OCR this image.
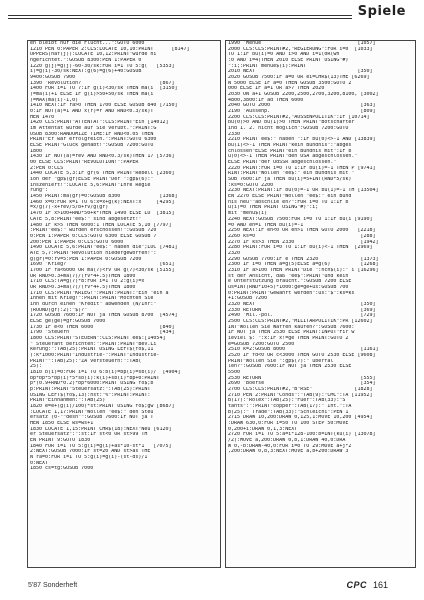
Spiele
en bleibt nur die Flucht...":GOTO 6000
1210 PEN 0:PAPER 2:CLS:LOCATE 10,10:PRINT      [8147]
UPPERS(haf(j)):LOCATE 10,12:PRINT"wurde hi
ngerichtet.":GOSUB 8300:PEN 1:PAPER 0
1220 g(j)=g(j)-60-30/sk:FOR i=1 TO 5:g(   [5353]
i)=g(i)-30/sk:NEXT:g(6)=g(6)+40:GOSUB
9400:GOSUB 7900
1390 'Revolution?                          [867]
1400 FOR i=1 TO 7:IF g(i)<30/sk THEN ma(i  [3150]
)=ma(i)+1 ELSE IF g(i)>50+50/sk THEN ma(i
)=MAX(ma(i)-1,0)
1410 NEXT:IF ra>0 THEN 1700 ELSE GOSUB 840 [7150]
0:IF NOT(a)=1 AND x(r)=r AND RND<0.3/sk)T
HEN 1470
1420 CLS:PRINT"ATTENTAT":CLS:PRINT"Ein [14012]
im Attentat wurde auf Sie verübt.":PRINT:G
OSUB 8300:RANDOMIZE TIME:IF RND<0.05 THEN
PRINT"Er war erfolgreich.":PRINT:GOTO 6300
ELSE PRINT"Glück gehabt!":GOSUB 7200:GOTO
1800
1430 IF NOT(a)=rev AND RND<0.3/sk)THEN 17 [5736]
00 ELSE CLS:PRINT"REVOLUTION!":PAPER
2:PEN 0:CLS
1440 LOCATE 5,3:IF gr(6 THEN PRINT"Rebell [2360]
ion der "gp$(gr)ELSE PRINT"Der ":gp$(6):"
inszeniert!":LOCATE 5,6:PRINT"Ihre Regie
rung":
1450 PRINT:ma(gr)=0:GOSUB 8300             [1368]
1460 x=0:FOR k=1 TO 6:x=x+g(k):NEXT:x     [4295]
=x/g(7)-x+rev/5/b+rv/g(gr)
1470 IF x>100+RND*50+k*THEN 1490 ELSE LO  [3815]
CATE 5,8:PRINT"ee$:" sind abgesetzt!"
1480 IF k>5 THEN 6000:1 THEN LOCATE 5,10 [7797]
:PRINT"ee$:" wurden erschossen!":GOSUB 720
0:PEN 1:PAPER 0:CLS:GOTO 6300 ELSE GOSUB 7
200:PEN 1:PAPER 0:CLS:GOTO 6000
1490 LOCATE 5,6:PRINT"ee$:" haben die";LOC [7481]
ATE 5,7:PRINT"Revolution niedergeworfen!":
g(gr)=0:rv=5:PEN 1:PAPER 0:GOSUB 7200
1690 'Krieg?                               [651]
1700 IF ra<6000 OR ma(7)<rv OR g(7)<30/sk [5155]
OR RND>0.3+ma(7)/(rv*4+.5)THEN 1800
1710 CLS:TA=g(7)*8:FOR i=1 TO 2:g(i)=x
OR RND>0.3+ma(7)/(rv*4+.5)THEN 1800
1710 CLS:PRINT"KRIEG!":PRINT:PRINT:"Ein "ein a
Ihnen mit Krieg!":PRINT:PRINT"Möchten Sie
ihn durch einen "Kredit" abwenden (N/Ihr:"
(ROUND(gr):2):"$)?"
1720 GOSUB 7600:IF NOT ja THEN GOSUB 8700  [4574]
ELSE ge(ge)=gr:GOSUB 7000
1730 IF e<0 THEN 6000                      [840]
1790 'Steuern                              [434]
1800 CLS:PRINT"STEUERN":CLS:PRINT ee$:[14054]
" Steuerant berichten:":PRINT:PRINT"Bev.Li
kerung:":TAB(25):PRINT USING LEFT$(fo$,11
):k*1000:PRINT"Industrie-":PRINT"Industrie-
PRINT"":TAB(25):"ZA versteuern:":TAB(
25):
1810 b(i)=0:FOR i=1 TO 6:b(i)=bp(i)=sb(i)/  [4904]
bp*bp*5*bp(i)*5*sb(i):k(i)+sb(i)*bp+0:PRINT
p*(0.9+RND*0.2)*bp*6000:PRINT USING fo$;b
p:PRINT:PRINT"Steuersatz:":TAB(25):PRINT
USING LEFT$(fo$,13):nst:"%":PRINT:PRINT:
PRINT"Einnahmen:":TAB(25)
1820 e=e+(g(i)/100)*st:PRINT USING fo$;gw [8687]
:LOCATE 1,17:PRINT"Wollen "ee$:" den Steu
ersatz (0-""desn"":GOSUB 7600:IF NOT ja T
HEN 1850 ELSE ws=ws+1
1830 LOCATE 1,15:PRINT CHR$(18):NEXT"Neu [6120]
er Steuersatz":":st:IF st<0 OR st>99 TH
EN PRINT 9:GOTO 1830
1840 FOR i=1 TO 5:g(i)=g(i)+as*10-st*1   [7075]
2:NEXT:GOSUB 7000:IF st=20 AND st>as THE
N ra=0:FOR i=1 TO 5:g(i)=g(i)-(st-ds)/1
0:NEXT
1850 cs=tg:GOSUB 7000
1990 'Menue                                [1057]
2000 CLS:CLS:PRINT#2,"REGIERUNG":FOR i=0  [1033]
TO 1:IF bu(i)=0 AND i>0 AND i=1(0R(wh
:0 AND i=4)THEN 2010 ELSE PRINT USING"#)
":i;:PRINT menue$(i):PRINT
2010 NEXT                                  [350]
2020 GOSUB 7500:IF a=0 OR ei=CHR$(13)THE [6269]
N 5000 ELSE IF a=0 THEN GOSUB 3500:GOTO 2
000 ELSE IF a=1 OR a>7 THEN 2020
2030 ON a+1 GOSUB 2200,2500,2700,3200,8100, [3002]
4800,3800:IF ad THEN 6000
2040 GOTO 2000                              [363]
2190 'Aussenp.                              [809]
2200 CLS:CLS:PRINT#2,"AUSSENPOLITIK":IF [10714]
bu(0)>0 AND bu(1)>0 THEN PRINT"Botschafter
ind 1. 2. nicht möglich":GOSUB 7200:GOTO
2330
2210 PRINT ee$:" haben ":IF bu(0)<>-1 AND [13839]
bu(1)<>-1 THEN PRINT"kein Bündnis":"abges
chlossen"ELSE PRINT"ein Bündnis mit":IF b
u(0)<>-1 THEN PRINT"den USA abgeschlossen."
ELSE PRINT"der UdSSR abgeschlossen."
2220 PRINT:FOR i=0 TO 1:IF bu(i)=-1 THEN P [9741]
RINT:PRINT"Wollen "ee$:" ein Bündnis mit "
SUB 7600:IF ja THEN bu(i)=5+INT(RND*5/sk)
:ks=0:GOTO 2200
2230 NEXT:PRINT:IF bu(0)=-1 OR bu(1)=-1 TH [13504]
EN 2270 ELSE PRINT"Wollen "ee$:" ein Bünd
nis neu""abschlie en?":FOR i=0 TO 1:IF b
u(i)=0 THEN PRINT USING"#)":i;
mit "menu$(i)
2240 NEXT:GOSUB 7500:FOR i=0 TO 1:IF bu(i [9190]
=0 AND en=1 THEN bu(i)=-1
2250 NEXT:IF en<0 OR en>1 THEN GOTO 2000   [2218]
2260 ks=0                                   [288]
2270 IF ks>3 THEN 2330                      [1942]
2280 PRINT:FOR i=0 TO 1:IF bu(i)<-1 THEN  [2969]
2320
2290 GOSUB 7700:IF e THEN 2320              [1373]
2300 IF i=0 THEN a=g(5)ELSE a=g(6)          [1268]
2310 IF a>100 THEN PRINT"Die ":nch$(i):" i [16296]
st der Ansicht, daß "ee$":PRINT"und kein
e Unterstützung braucht.":GOSUB 7200 ELSE
us=INT(RND*10+5)*1000:ge=ge+us:GOSUB 700
0:PRINT:PRINT"Gewährt werden":us:"$":ks=ks
+1:GOSUB 7200
2320 NEXT                                   [350]
2330 RETURN                                 [369]
2490 'Mil.-pol.                             [729]
2500 CLS:CLS:PRINT#2,"MILITÄRPOLITIK":PR [12602]
INT"Wollen Sie Waffen kaufen?":GOSUB 7600:
IF NOT ja THEN 2530 ELSE PRINT:INPUT"Fir w
ieviel $: ":x:IF x!=ge THEN PRINT:GOTO 2
e=GOSUB 7200:GOTO 2500
2510 k=2:GOSUB 8000                         [1161]
2520 IF fd<0 OR c<3000 THEN GOTO 2530 ELSE [9608]
PRINT"Wollen Sie ":gp$(7):" überfal
len?":GOSUB 7600:IF NOT ja THEN 2530 ELSE
5500
2530 RETURN                                 [555]
2690 'Boerse                                [354]
2700 CLS:CLS:PRINT#2,"B"RSE"              [1828]
2710 PEN 2:PRINT"Conds":"TAB(9):"CMC":TA [11952]
B(17):"Rolex":TAB(25):"Fuer":TAB(33):"S
tants":":PRINT"copper":TAB(17):" Int.":TA
B(25):" Trade":TAB(33):"Schleichi":PEN 1
2715 DRAW 10,200:DRAW 0,125,1:MOVE 10,200 [4954]
:DRAW 630,0:FOR i=50 TO 100 STEP 50:MOVE
0,200+i:DRAW 0,1,3:NEXT
2720 FOR i=1 TO 5:a=i*128-100:b=INT(ku(i) [13078]
/2):MOVE a,200:DRAW 0,b,1:DRAW 40,0:DRA
W 0,-b:DRAW-40,0:FOR i=0 TO 29:MOVE a+j*2
,200:DRAW 0,b,3:NEXT:MOVE a,b+200:DRAW 3
5'87 Sonderheft	CPC 161
